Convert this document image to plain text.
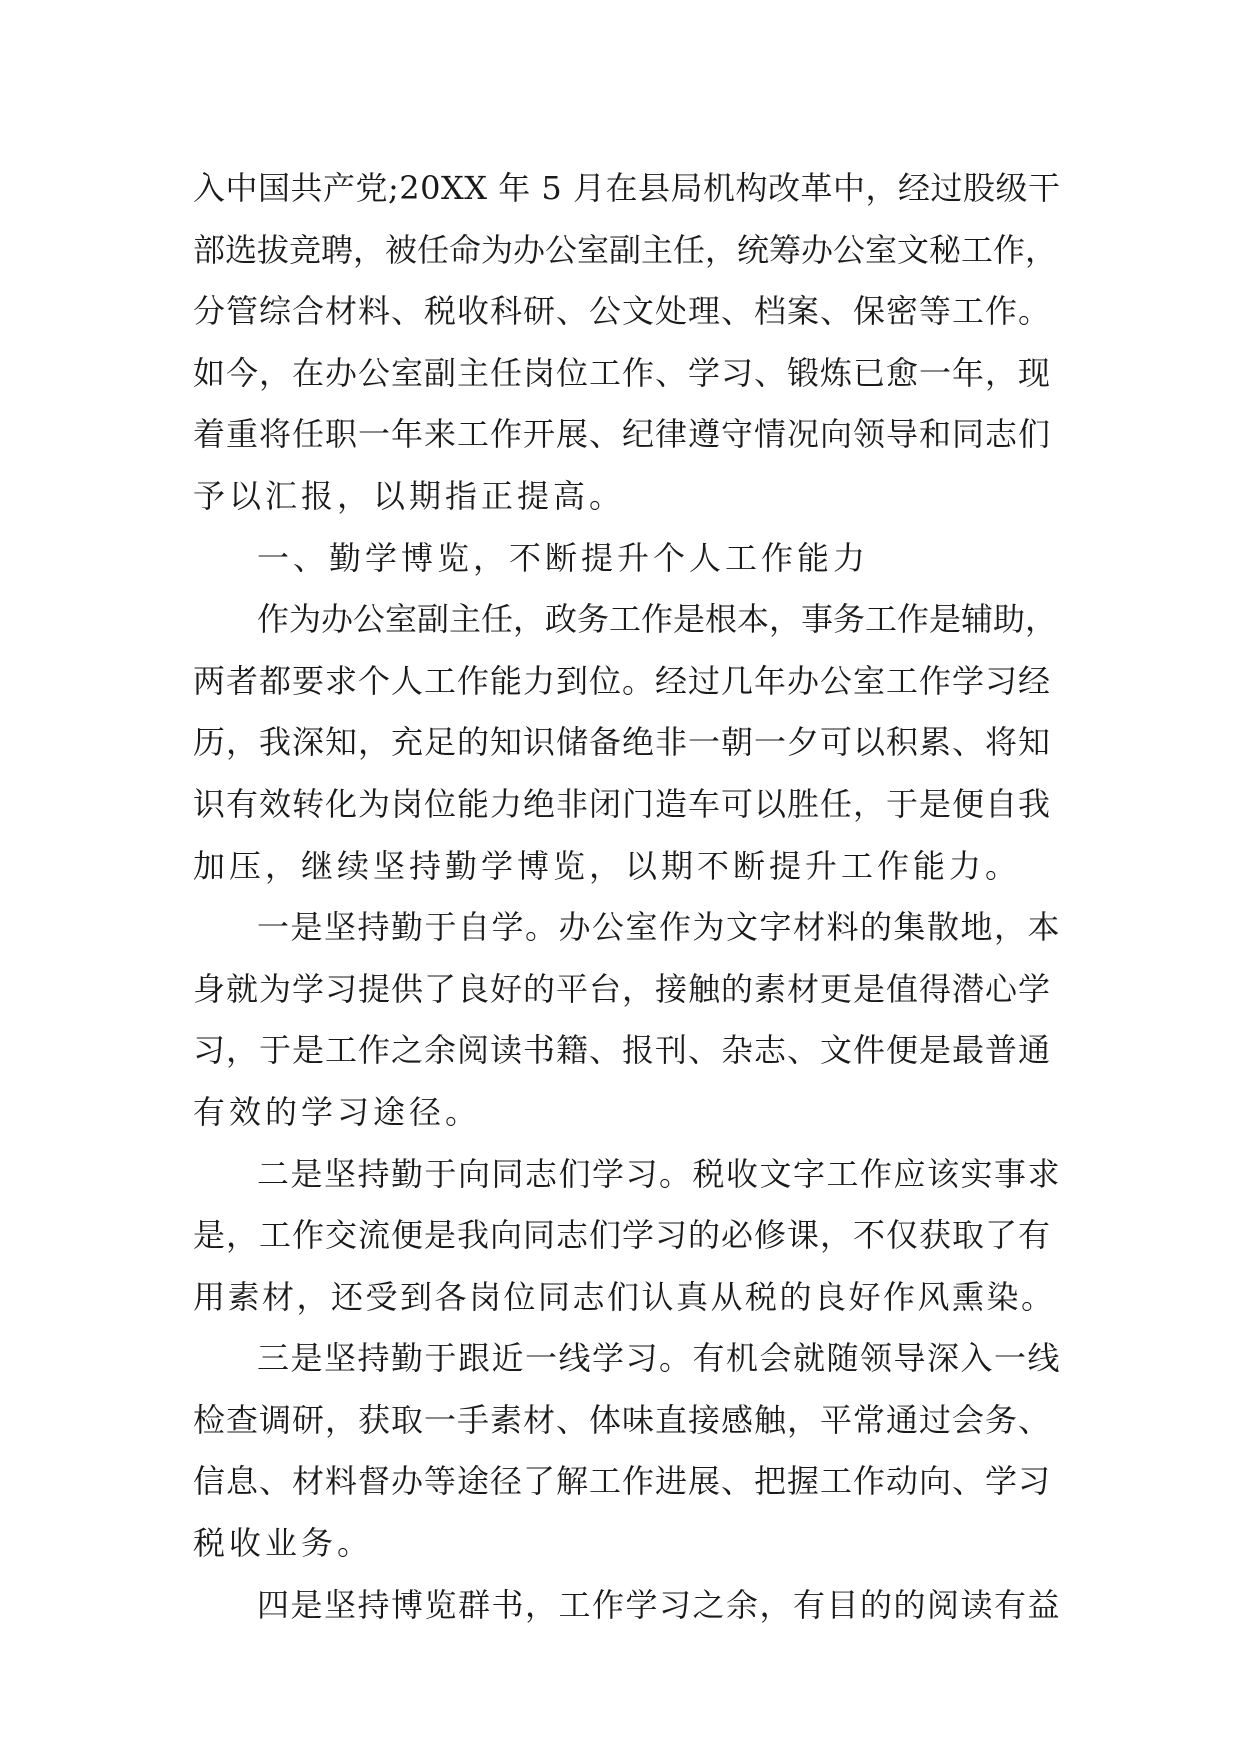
入中国共产党;20XX 年 5 月在县局机构改革中，经过股级干
部选拔竞聘，被任命为办公室副主任，统筹办公室文秘工作，
分管综合材料、税收科研、公文处理、档案、保密等工作。
如今，在办公室副主任岗位工作、学习、锻炼已愈一年，现
着重将任职一年来工作开展、纪律遵守情况向领导和同志们
予以汇报，以期指正提高。
一、勤学博览，不断提升个人工作能力
作为办公室副主任，政务工作是根本，事务工作是辅助，
两者都要求个人工作能力到位。经过几年办公室工作学习经
历，我深知，充足的知识储备绝非一朝一夕可以积累、将知
识有效转化为岗位能力绝非闭门造车可以胜任，于是便自我
加压，继续坚持勤学博览，以期不断提升工作能力。
一是坚持勤于自学。办公室作为文字材料的集散地，本
身就为学习提供了良好的平台，接触的素材更是值得潜心学
习，于是工作之余阅读书籍、报刊、杂志、文件便是最普通
有效的学习途径。
二是坚持勤于向同志们学习。税收文字工作应该实事求
是，工作交流便是我向同志们学习的必修课，不仅获取了有
用素材，还受到各岗位同志们认真从税的良好作风熏染。
三是坚持勤于跟近一线学习。有机会就随领导深入一线
检查调研，获取一手素材、体味直接感触，平常通过会务、
信息、材料督办等途径了解工作进展、把握工作动向、学习
税收业务。
四是坚持博览群书，工作学习之余，有目的的阅读有益
